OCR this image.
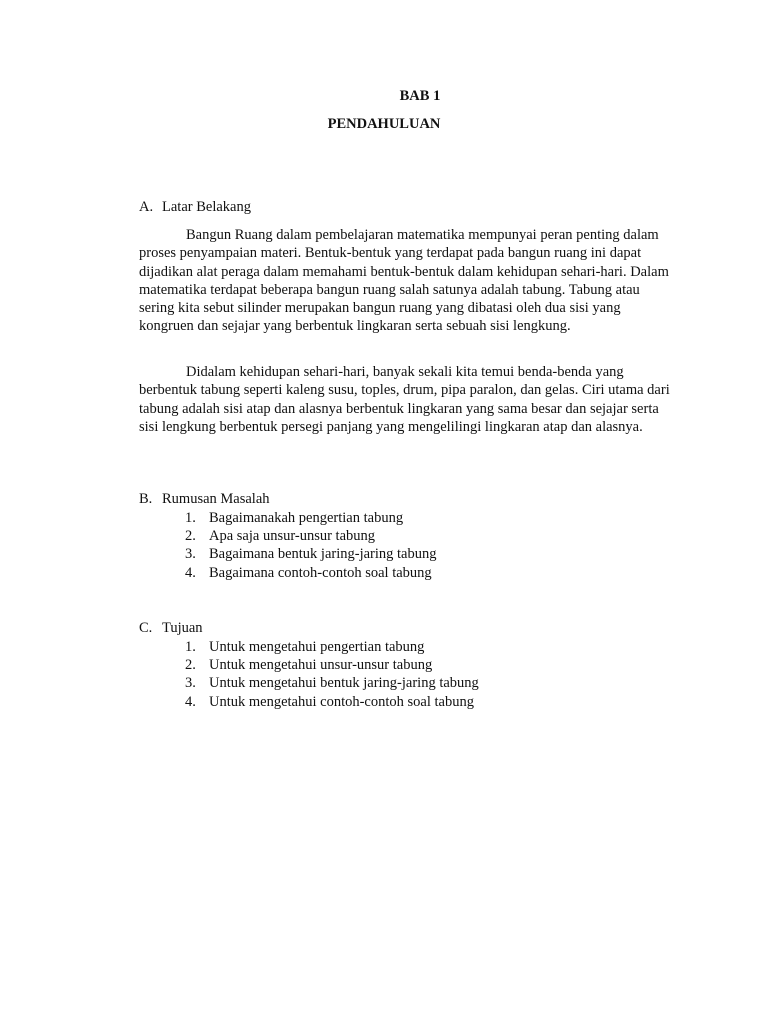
BAB 1
PENDAHULUAN
A. Latar Belakang

Bangun Ruang dalam pembelajaran matematika mempunyai peran penting dalam proses penyampaian materi. Bentuk-bentuk yang terdapat pada bangun ruang ini dapat dijadikan alat peraga dalam memahami bentuk-bentuk dalam kehidupan sehari-hari. Dalam matematika terdapat beberapa bangun ruang salah satunya adalah tabung. Tabung atau sering kita sebut silinder merupakan bangun ruang yang dibatasi oleh dua sisi yang kongruen dan sejajar yang berbentuk lingkaran serta sebuah sisi lengkung.

Didalam kehidupan sehari-hari, banyak sekali kita temui benda-benda yang berbentuk tabung seperti kaleng susu, toples, drum, pipa paralon, dan gelas. Ciri utama dari tabung adalah sisi atap dan alasnya berbentuk lingkaran yang sama besar dan sejajar serta sisi lengkung berbentuk persegi panjang yang mengelilingi lingkaran atap dan alasnya.

B. Rumusan Masalah
1. Bagaimanakah pengertian tabung
2. Apa saja unsur-unsur tabung
3. Bagaimana bentuk jaring-jaring tabung
4. Bagaimana contoh-contoh soal tabung
C. Tujuan
1. Untuk mengetahui pengertian tabung
2. Untuk mengetahui unsur-unsur tabung
3. Untuk mengetahui bentuk jaring-jaring tabung
4. Untuk mengetahui contoh-contoh soal tabung
